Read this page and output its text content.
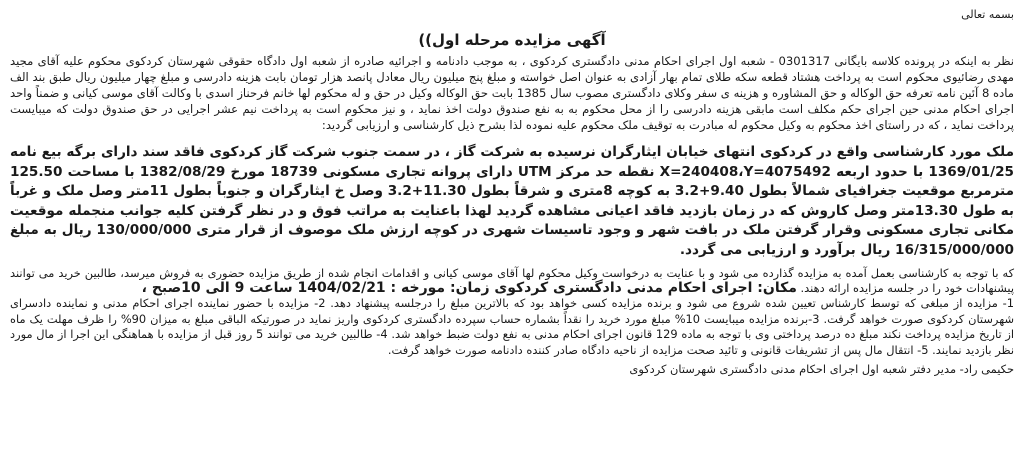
بسمه تعالی
آگهی مزایده مرحله اول))

نظر به اینکه در پرونده کلاسه بایگانی 0301317 - شعبه اول اجرای احکام مدنی دادگستری کردکوی ، به موجب دادنامه و اجرائیه صادره از شعبه اول دادگاه حقوقی شهرستان کردکوی محکوم علیه آقای مجید مهدی رضائیوی محکوم است به پرداخت هشتاد قطعه سکه طلای تمام بهار آزادی به عنوان اصل خواسته و مبلغ پنج میلیون ریال معادل پانصد هزار تومان بابت هزینه دادرسی و مبلغ چهار میلیون ریال طبق بند الف ماده 8 آئین نامه تعرفه حق الوکاله و حق المشاوره و هزینه ی سفر وکلای دادگستری مصوب سال 1385 بابت حق الوکاله وکیل در حق و له محکوم لها خانم فرحناز اسدی با وکالت آقای موسی کیانی و ضمناً واحد اجرای احکام مدنی حین اجرای حکم مکلف است مابقی هزینه دادرسی را از محل محکوم به به نفع صندوق دولت اخذ نماید ، و نیز محکوم است به پرداخت نیم عشر اجرایی در حق صندوق دولت که میبایست پرداخت نماید ، که در راستای اخذ محکوم به وکیل محکوم له مبادرت به توقیف ملک محکوم علیه نموده لذا بشرح ذیل کارشناسی و ارزیابی گردید:

ملک مورد کارشناسی واقع در کردکوی انتهای خیابان ایثارگران نرسیده به شرکت گاز ، در سمت جنوب شرکت گاز کردکوی فاقد سند دارای برگه بیع نامه 1369/01/25 با حدود اربعه X=240408،Y=4075492 نقطه حد مرکز UTM دارای پروانه تجاری مسکونی 18739 مورخ 1382/08/29 با مساحت 125.50 مترمربع موقعیت جغرافیای شمالاً بطول 9.40+3.2 به کوچه 8متری و شرقاً بطول 11.30+3.2 وصل خ ایثارگران و جنوباً بطول 11متر وصل ملک و غرباً به طول 13.30متر وصل کاروش که در زمان بازدید فاقد اعیانی مشاهده گردید لهذا باعنایت به مراتب فوق و در نظر گرفتن کلیه جوانب منجمله موقعیت مکانی تجاری مسکونی وقرار گرفتن ملک در بافت شهر و وجود تاسیسات شهری در کوچه ارزش ملک موصوف از قرار متری 130/000/000 ریال به مبلغ 16/315/000/000 ریال برآورد و ارزیابی می گردد.

که با توجه به کارشناسی بعمل آمده به مزایده گذارده می شود و با عنایت به درخواست وکیل محکوم لها آقای موسی کیانی و اقدامات انجام شده از طریق مزایده حضوری به فروش میرسد، طالبین خرید می توانند پیشنهادات خود را در جلسه مزایده ارائه دهند. مکان: اجرای احکام مدنی دادگستری کردکوی زمان: مورخه : 1404/02/21 ساعت 9 الی 10صبح ،

1- مزایده از مبلغی که توسط کارشناس تعیین شده شروع می شود و برنده مزایده کسی خواهد بود که بالاترین مبلغ را درجلسه پیشنهاد دهد. 2- مزایده با حضور نماینده اجرای احکام مدنی و نماینده دادسرای شهرستان کردکوی صورت خواهد گرفت. 3-برنده مزایده میبایست 10% مبلغ مورد خرید را نقداً بشماره حساب سپرده دادگستری کردکوی واریز نماید در صورتیکه الباقی مبلغ به میزان 90% را ظرف مهلت یک ماه از تاریخ مزایده پرداخت نکند مبلغ ده درصد پرداختی وی با توجه به ماده 129 قانون اجرای احکام مدنی به نفع دولت ضبط خواهد شد. 4- طالبین خرید می توانند 5 روز قبل از مزایده با هماهنگی این اجرا از مال مورد نظر بازدید نمایند. 5- انتقال مال پس از تشریفات قانونی و تائید صحت مزایده از ناحیه دادگاه صادر کننده دادنامه صورت خواهد گرفت.

حکیمی راد- مدیر دفتر شعبه اول اجرای احکام مدنی دادگستری شهرستان کردکوی
